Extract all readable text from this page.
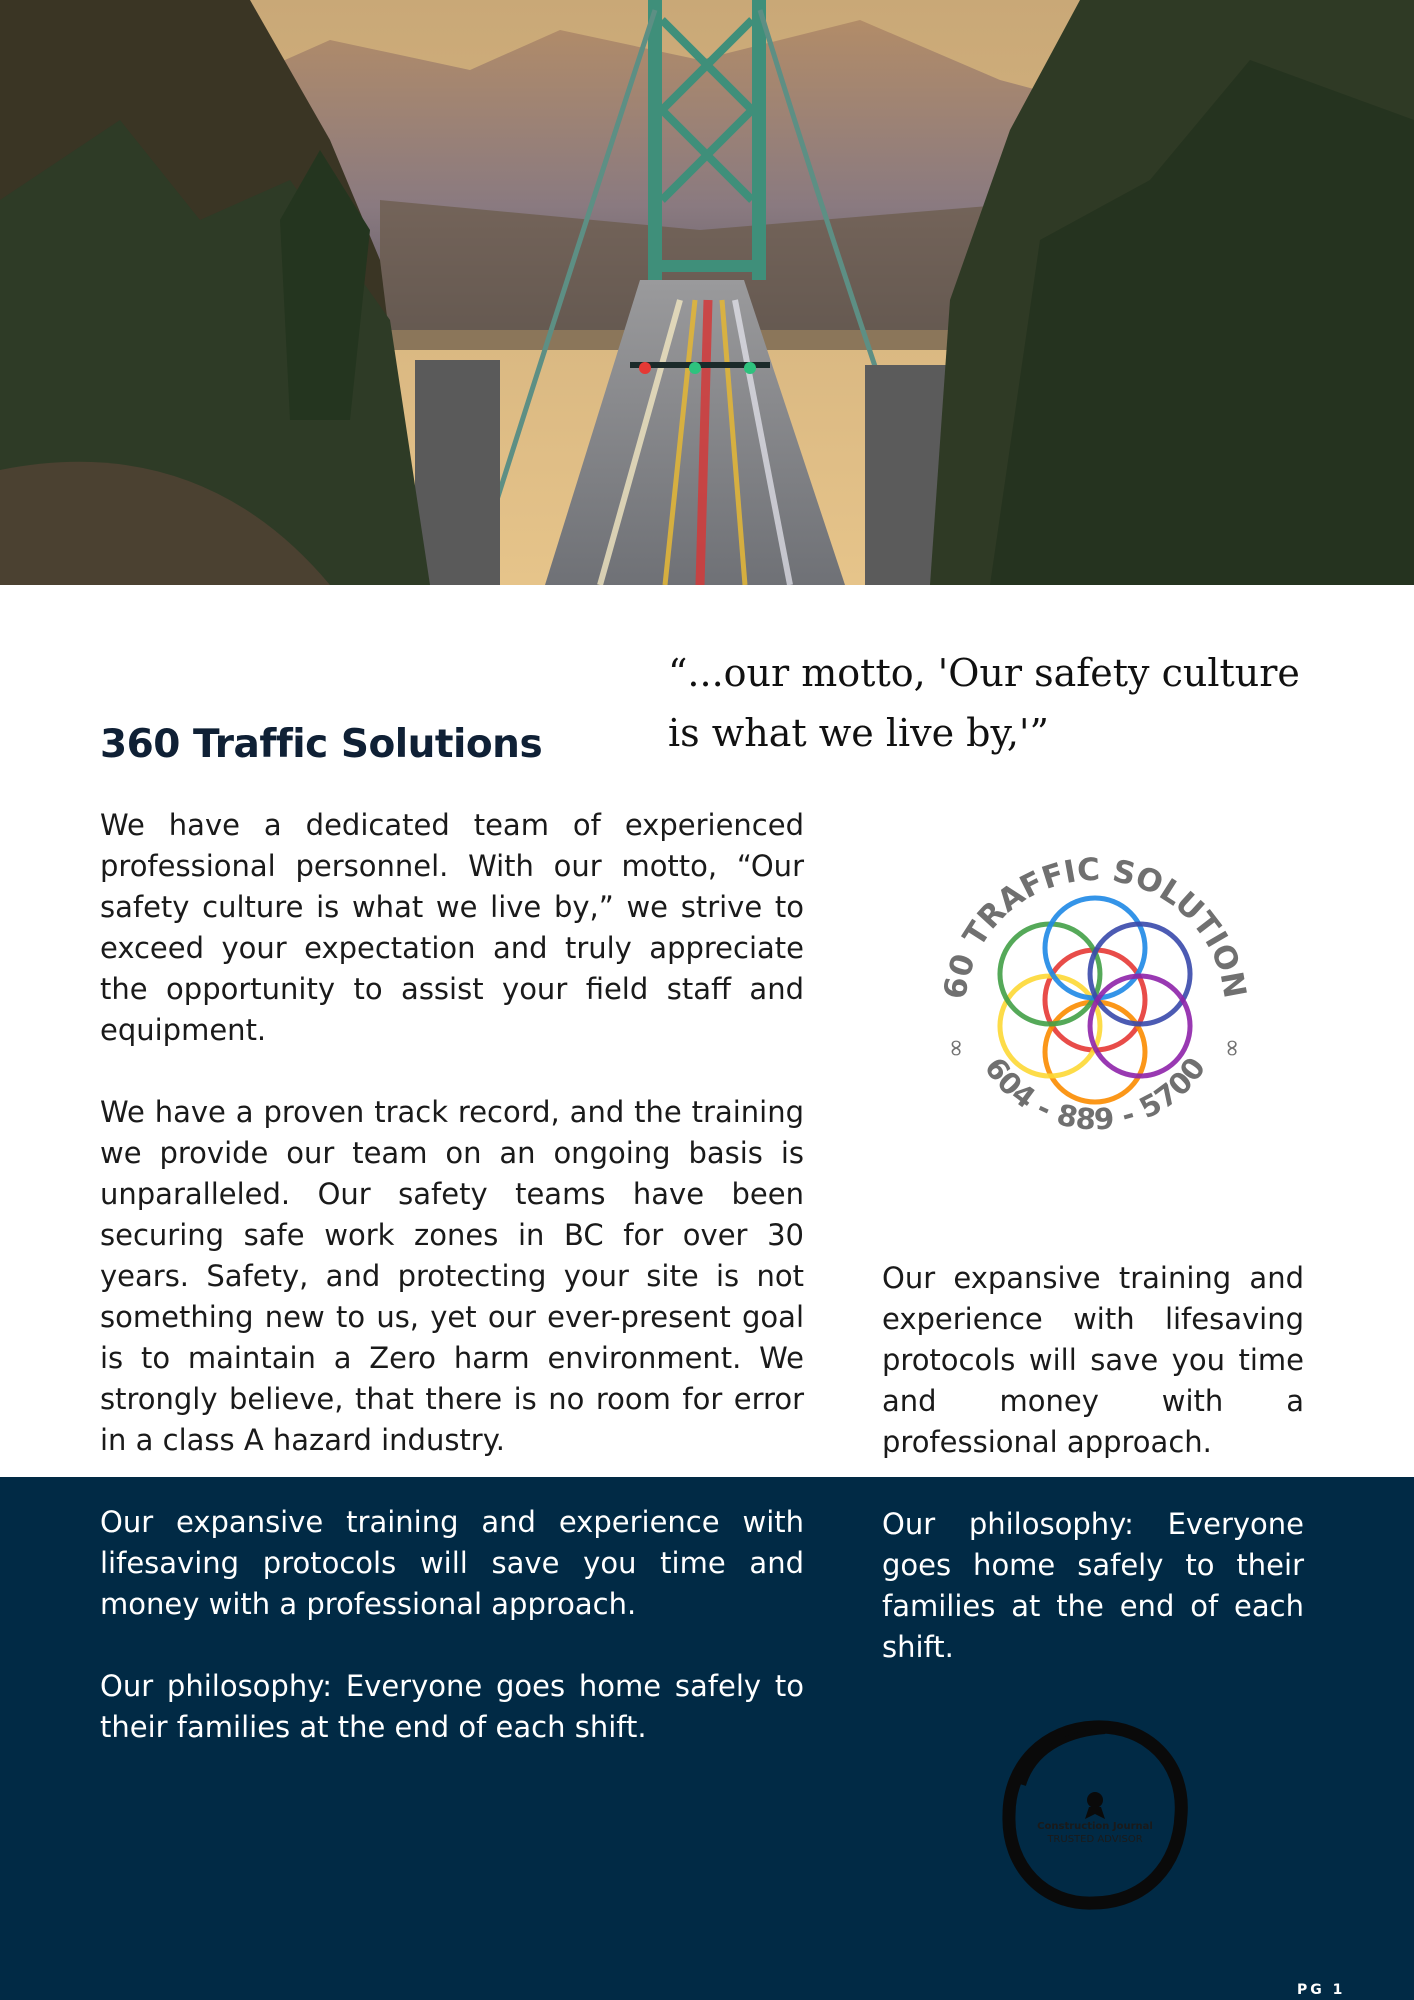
360 Traffic Solutions

“...our motto, 'Our safety culture is what we live by,'”

We have a dedicated team of experienced professional personnel. With our motto, “Our safety culture is what we live by,” we strive to exceed your expectation and truly appreciate the opportunity to assist your field staff and equipment.

We have a proven track record, and the training we provide our team on an ongoing basis is unparalleled. Our safety teams have been securing safe work zones in BC for over 30 years. Safety, and protecting your site is not something new to us, yet our ever-present goal is to maintain a Zero harm environment. We strongly believe, that there is no room for error in a class A hazard industry.

60 TRAFFIC SOLUTION
604 - 889 - 5700
∞	∞

Our expansive training and experience with lifesaving protocols will save you time and money with a professional approach.

Our expansive training and experience with lifesaving protocols will save you time and money with a professional approach.

Our philosophy: Everyone goes home safely to their families at the end of each shift.

Our philosophy: Everyone goes home safely to their families at the end of each shift.

Construction Journal
TRUSTED ADVISOR
PG 1
